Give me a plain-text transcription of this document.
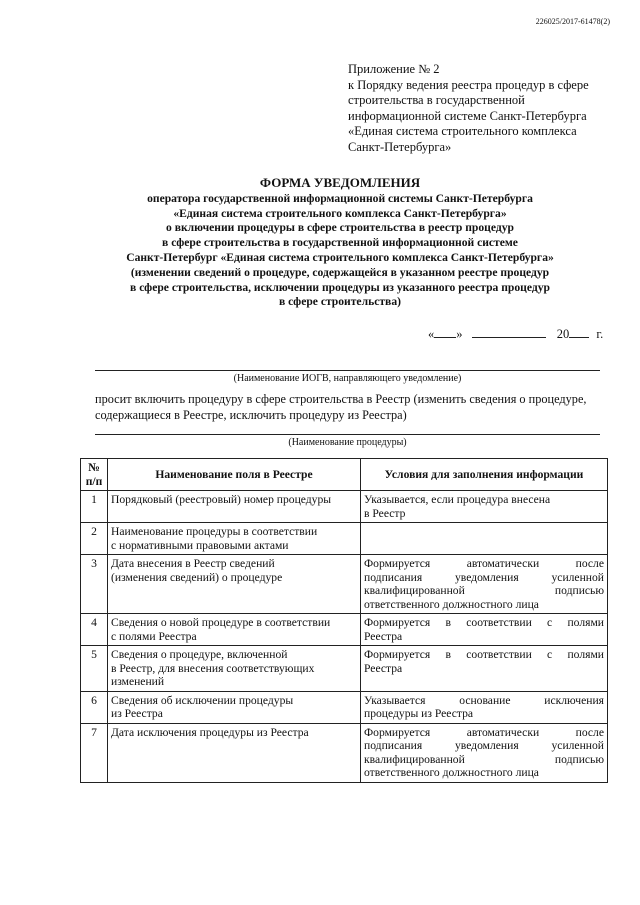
226025/2017-61478(2)
Приложение № 2
к Порядку ведения реестра процедур в сфере
строительства в государственной
информационной системе Санкт-Петербурга
«Единая система строительного комплекса
Санкт-Петербурга»
ФОРМА УВЕДОМЛЕНИЯ
оператора государственной информационной системы Санкт-Петербурга
«Единая система строительного комплекса Санкт-Петербурга»
о включении процедуры в сфере строительства в реестр процедур
в сфере строительства в государственной информационной системе
Санкт-Петербург «Единая система строительного комплекса Санкт-Петербурга»
(изменении сведений о процедуре, содержащейся в указанном реестре процедур
в сфере строительства, исключении процедуры из указанного реестра процедур
в сфере строительства)
« »	20 г.
(Наименование ИОГВ, направляющего уведомление)
просит включить процедуру в сфере строительства в Реестр (изменить сведения о процедуре,
содержащиеся в Реестре, исключить процедуру из Реестра)
(Наименование процедуры)
№
п/п	Наименование поля в Реестре	Условия для заполнения информации
1	Порядковый (реестровый) номер процедуры	Указывается, если процедура внесена
в Реестр

2	Наименование процедуры в соответствии
с нормативными правовыми актами	

3	Дата внесения в Реестр сведений
(изменения сведений) о процедуре	Формируется автоматически после
подписания уведомления усиленной
квалифицированной подписью
ответственного должностного лица

4	Сведения о новой процедуре в соответствии
с полями Реестра	Формируется в соответствии с полями
Реестра

5	Сведения о процедуре, включенной
в Реестр, для внесения соответствующих
изменений	Формируется в соответствии с полями
Реестра

6	Сведения об исключении процедуры
из Реестра	Указывается основание исключения
процедуры из Реестра

7	Дата исключения процедуры из Реестра	Формируется автоматически после
подписания уведомления усиленной
квалифицированной подписью
ответственного должностного лица
